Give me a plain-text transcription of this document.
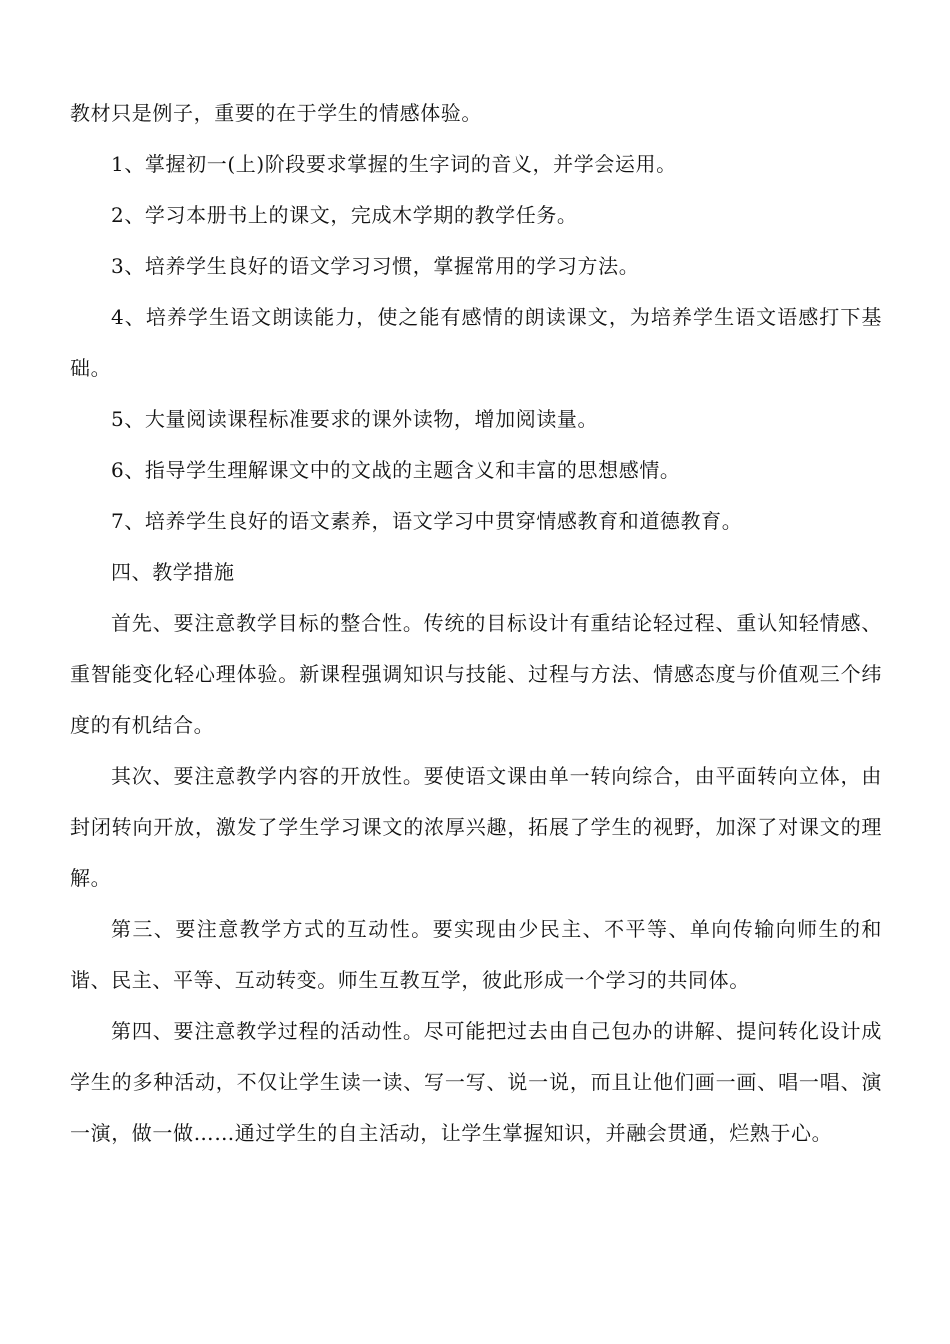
教材只是例子，重要的在于学生的情感体验。

1、掌握初一(上)阶段要求掌握的生字词的音义，并学会运用。

2、学习本册书上的课文，完成木学期的教学任务。

3、培养学生良好的语文学习习惯，掌握常用的学习方法。

4、培养学生语文朗读能力，使之能有感情的朗读课文，为培养学生语文语感打下基础。

5、大量阅读课程标准要求的课外读物，增加阅读量。

6、指导学生理解课文中的文战的主题含义和丰富的思想感情。

7、培养学生良好的语文素养，语文学习中贯穿情感教育和道德教育。

四、教学措施

首先、要注意教学目标的整合性。传统的目标设计有重结论轻过程、重认知轻情感、重智能变化轻心理体验。新课程强调知识与技能、过程与方法、情感态度与价值观三个纬度的有机结合。

其次、要注意教学内容的开放性。要使语文课由单一转向综合，由平面转向立体，由封闭转向开放，激发了学生学习课文的浓厚兴趣，拓展了学生的视野，加深了对课文的理解。

第三、要注意教学方式的互动性。要实现由少民主、不平等、单向传输向师生的和谐、民主、平等、互动转变。师生互教互学，彼此形成一个学习的共同体。

第四、要注意教学过程的活动性。尽可能把过去由自己包办的讲解、提问转化设计成学生的多种活动，不仅让学生读一读、写一写、说一说，而且让他们画一画、唱一唱、演一演，做一做……通过学生的自主活动，让学生掌握知识，并融会贯通，烂熟于心。
